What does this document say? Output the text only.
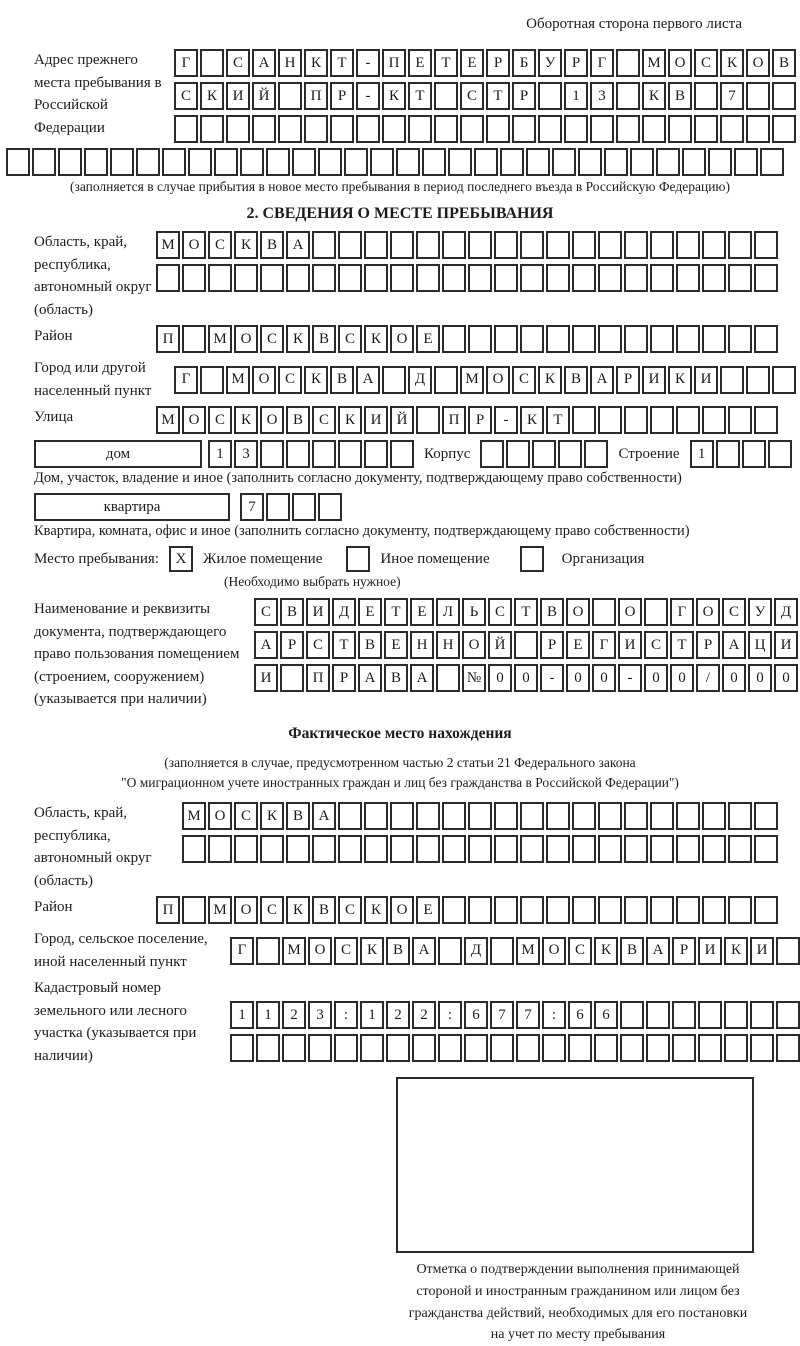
Оборотная сторона первого листа
Адрес прежнего места пребывания в Российской Федерации
Г	С	А	Н	К	Т	-	П	Е	Т	Е	Р	Б	У	Р	Г	М О	С	К	О	В
С	К	И	Й	П	Р	-	К	Т	С	Т	Р	1	3	К	В	7
(заполняется в случае прибытия в новое место пребывания в период последнего въезда в Российскую Федерацию)
2. СВЕДЕНИЯ О МЕСТЕ ПРЕБЫВАНИЯ
Область, край, республика, автономный округ (область)
М О	С	К	В	А
Район	П	М О	С	К	В	С	К	О	Е
Город или другой населенный пункт
Г	М О	С	К	В	А	Д	М О	С	К	В	А	Р	И	К	И
Улица	М О	С	К	О	В	С	К	И	Й	П	Р	-	К	Т
дом	1	3	Корпус	Строение	1
Дом, участок, владение и иное (заполнить согласно документу, подтверждающему право собственности)
квартира	7
Квартира, комната, офис и иное (заполнить согласно документу, подтверждающему право собственности)
Место пребывания:	X	Жилое помещение	Иное помещение	Организация
(Необходимо выбрать нужное)
Наименование и реквизиты документа, подтверждающего право пользования помещением (строением, сооружением) (указывается при наличии)
С	В	И	Д	Е	Т	Е	Л	Ь	С	Т	В	О	О	Г	О	С	У	Д
А	Р	С	Т	В	Е	Н	Н	О	Й	Р	Е	Г	И	С	Т	Р	А	Ц	И
И	П	Р	А	В	А	№	0	0	-	0	0	-	0	0	/	0	0	0
Фактическое место нахождения
(заполняется в случае, предусмотренном частью 2 статьи 21 Федерального закона
"О миграционном учете иностранных граждан и лиц без гражданства в Российской Федерации")
Область, край, республика, автономный округ (область)
М О	С	К	В	А
Район	П	М О	С	К	В	С	К	О	Е
Город, сельское поселение, иной населенный пункт
Г	М О	С	К	В	А	Д	М О	С	К	В	А	Р	И	К	И
Кадастровый номер земельного или лесного участка (указывается при наличии)
1	1	2	3	:	1	2	2	:	6	7	7	:	6	6
Отметка о подтверждении выполнения принимающей
стороной и иностранным гражданином или лицом без
гражданства действий, необходимых для его постановки
на учет по месту пребывания
